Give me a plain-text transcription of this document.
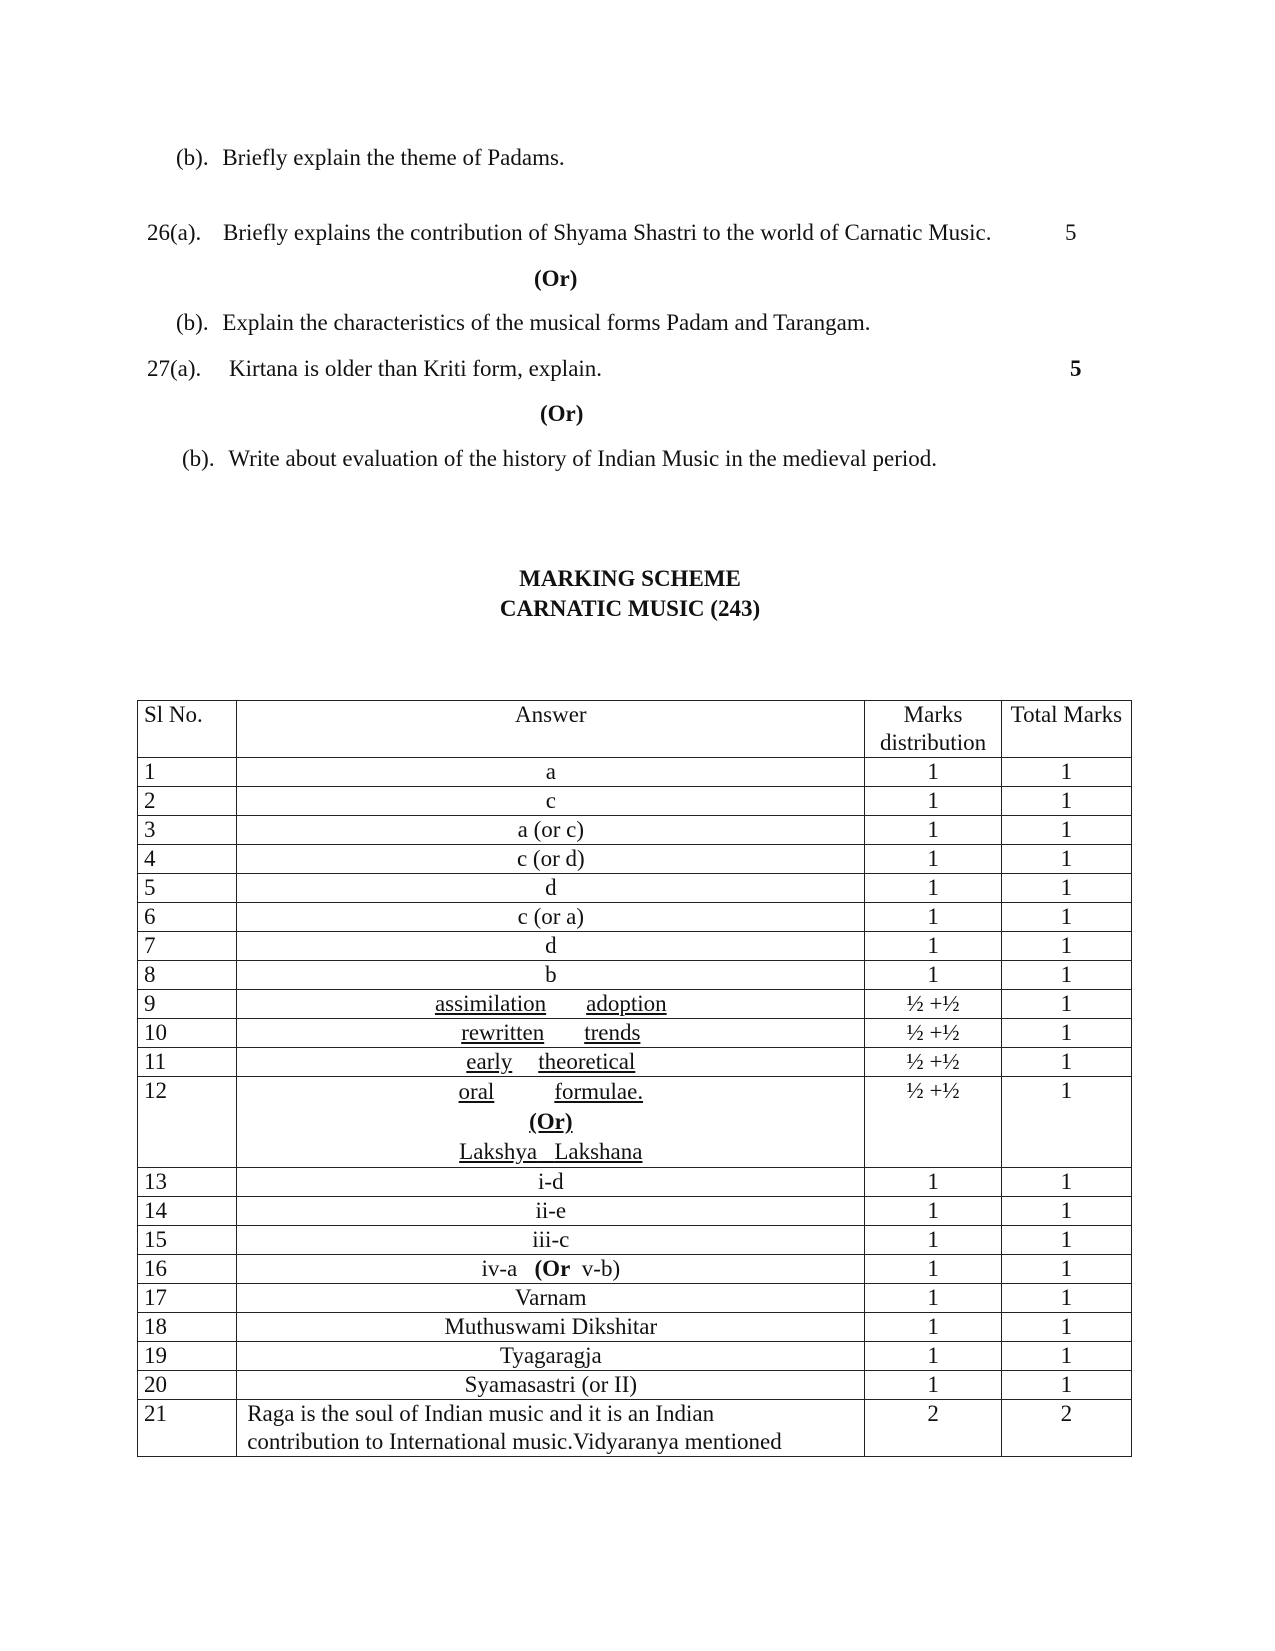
(b). Briefly explain the theme of Padams.
26(a). Briefly explains the contribution of Shyama Shastri to the world of Carnatic Music.	5
(Or)
(b). Explain the characteristics of the musical forms Padam and Tarangam.
27(a). Kirtana is older than Kriti form, explain.	5
(Or)
(b). Write about evaluation of the history of Indian Music in the medieval period.
MARKING SCHEME
CARNATIC MUSIC (243)
Sl No.	Answer	Marks distribution	Total Marks
1	a	1	1
2	c	1	1
3	a (or c)	1	1
4	c (or d)	1	1
5	d	1	1
6	c (or a)	1	1
7	d	1	1
8	b	1	1
9	assimilation adoption	½ +½	1
10	rewritten trends	½ +½	1
11	early theoretical	½ +½	1
12	oral formulae.
(Or)
Lakshya Lakshana	½ +½	1
13	i-d	1	1
14	ii-e	1	1
15	iii-c	1	1
16	iv-a (Or v-b)	1	1
17	Varnam	1	1
18	Muthuswami Dikshitar	1	1
19	Tyagaragja	1	1
20	Syamasastri (or II)	1	1
21	Raga is the soul of Indian music and it is an Indian
contribution to International music.Vidyaranya mentioned	2	2
